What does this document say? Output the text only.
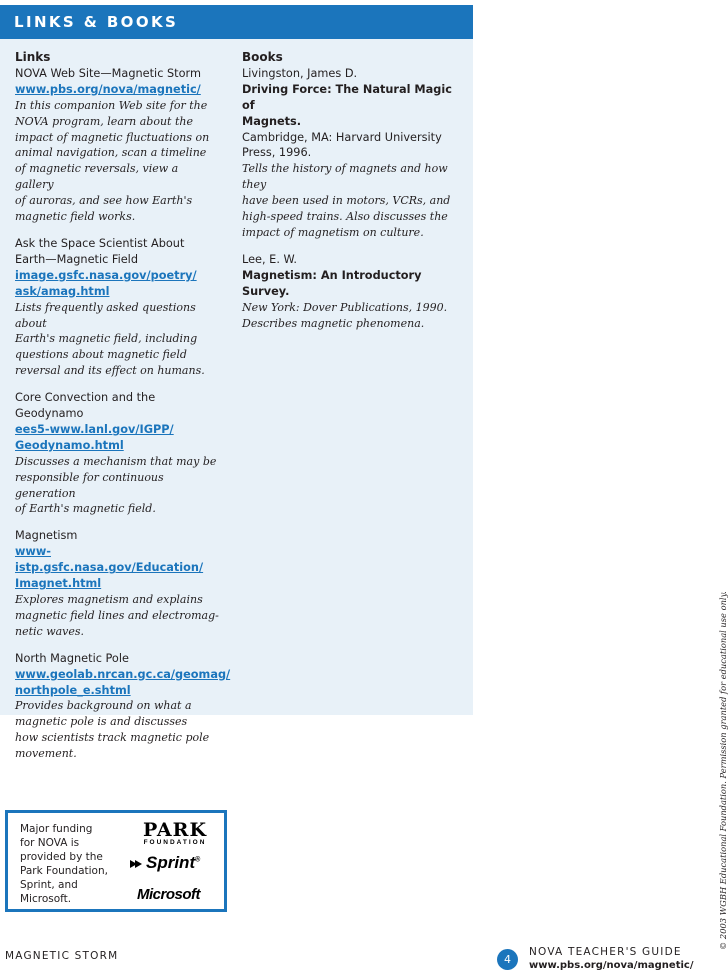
LINKS & BOOKS
Links

NOVA Web Site—Magnetic Storm

www.pbs.org/nova/magnetic/

In this companion Web site for the

NOVA program, learn about the

impact of magnetic fluctuations on

animal navigation, scan a timeline

of magnetic reversals, view a gallery

of auroras, and see how Earth's

magnetic field works.

Ask the Space Scientist About

Earth—Magnetic Field

image.gsfc.nasa.gov/poetry/

ask/amag.html

Lists frequently asked questions about

Earth's magnetic field, including

questions about magnetic field

reversal and its effect on humans.

Core Convection and the

Geodynamo

ees5-www.lanl.gov/IGPP/

Geodynamo.html

Discusses a mechanism that may be

responsible for continuous generation

of Earth's magnetic field.

Magnetism

www-istp.gsfc.nasa.gov/Education/

Imagnet.html

Explores magnetism and explains

magnetic field lines and electromag-

netic waves.

North Magnetic Pole

www.geolab.nrcan.gc.ca/geomag/

northpole_e.shtml

Provides background on what a

magnetic pole is and discusses

how scientists track magnetic pole

movement.

Books

Livingston, James D.

Driving Force: The Natural Magic of

Magnets.

Cambridge, MA: Harvard University

Press, 1996.

Tells the history of magnets and how they

have been used in motors, VCRs, and

high-speed trains. Also discusses the

impact of magnetism on culture.

Lee, E. W.

Magnetism: An Introductory Survey.

New York: Dover Publications, 1990.

Describes magnetic phenomena.

Major funding
for NOVA is
provided by the
Park Foundation,
Sprint, and
Microsoft.
PARK
FOUNDATION
Sprint®
Microsoft
MAGNETIC STORM	4
NOVA TEACHER'S GUIDE
www.pbs.org/nova/magnetic/
© 2003 WGBH Educational Foundation. Permission granted for educational use only.
